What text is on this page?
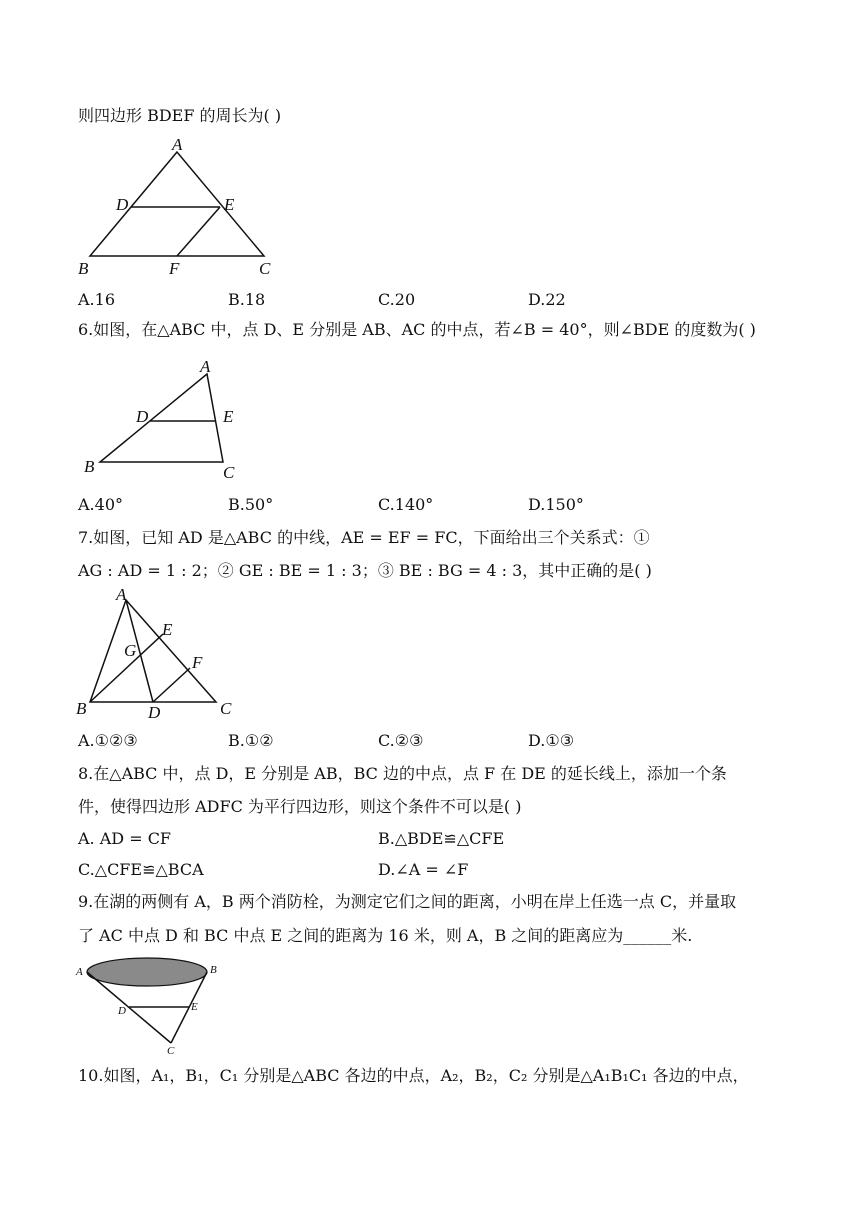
则四边形 BDEF 的周长为( )
A
D	E
B	F	C
A.16	B.18	C.20	D.22
6.如图，在△ABC 中，点 D、E 分别是 AB、AC 的中点，若∠B = 40°，则∠BDE 的度数为( )
A
D	E
B	C
A.40°	B.50°	C.140°	D.150°
7.如图，已知 AD 是△ABC 的中线，AE = EF = FC，下面给出三个关系式：①
AG : AD = 1 : 2；② GE : BE = 1 : 3；③ BE : BG = 4 : 3，其中正确的是( )
A
E
G
F
B	D	C
A.①②③	B.①②	C.②③	D.①③
8.在△ABC 中，点 D，E 分别是 AB，BC 边的中点，点 F 在 DE 的延长线上，添加一个条
件，使得四边形 ADFC 为平行四边形，则这个条件不可以是( )
A. AD = CF	B.△BDE≌△CFE
C.△CFE≌△BCA	D.∠A = ∠F
9.在湖的两侧有 A，B 两个消防栓，为测定它们之间的距离，小明在岸上任选一点 C，并量取
了 AC 中点 D 和 BC 中点 E 之间的距离为 16 米，则 A，B 之间的距离应为______米.
A	B
D	E
C
10.如图，A₁，B₁，C₁ 分别是△ABC 各边的中点，A₂，B₂，C₂ 分别是△A₁B₁C₁ 各边的中点，
